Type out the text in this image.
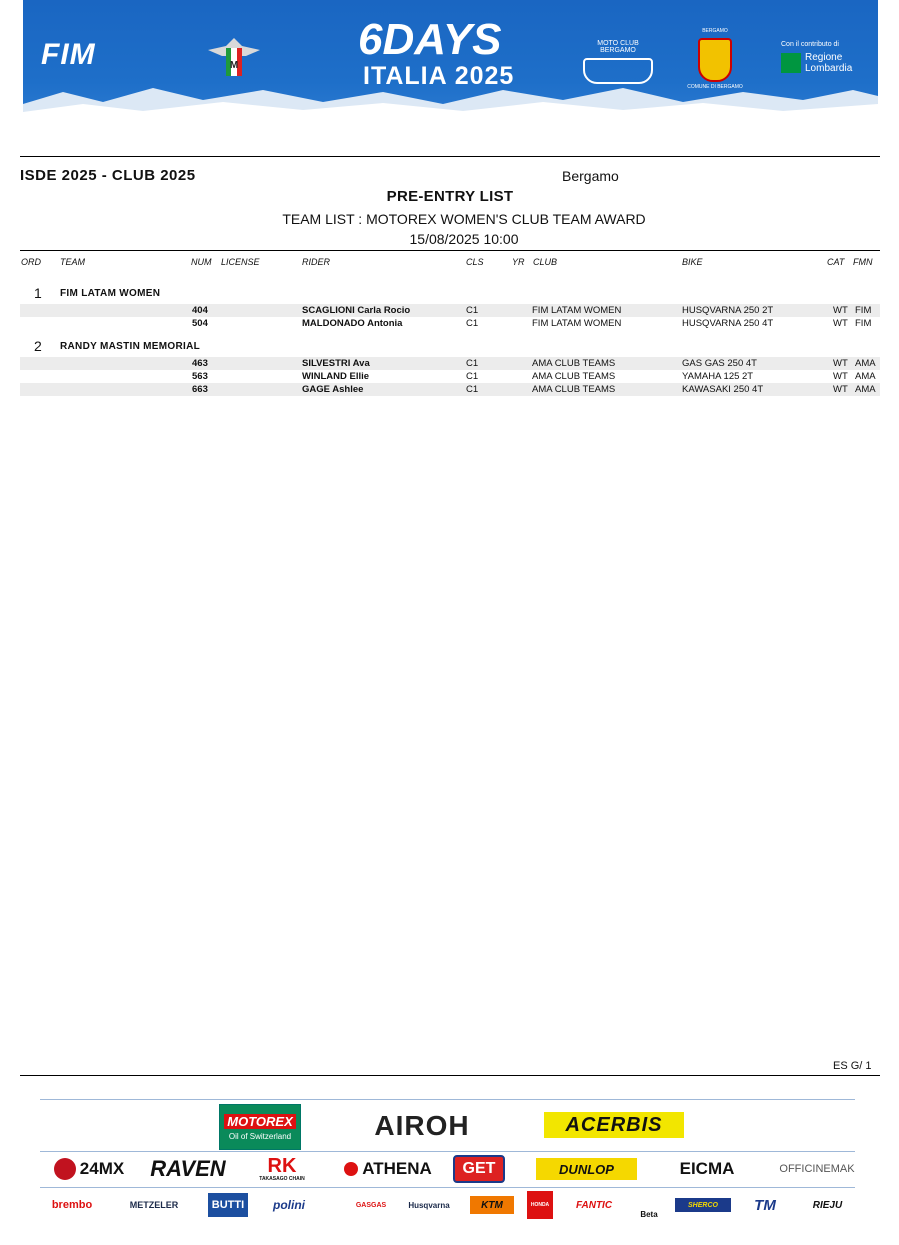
FIM	M
6DAYS
ITALIA 2025
MOTO CLUB BERGAMO
BERGAMO
COMUNE DI BERGAMO
Con il contributo di
Regione
Lombardia
ISDE 2025 - CLUB 2025	Bergamo
PRE-ENTRY LIST
TEAM LIST : MOTOREX WOMEN'S CLUB TEAM AWARD
15/08/2025 10:00
ORD TEAM	NUM LICENSE	RIDER	CLS	YR CLUB	BIKE	CAT FMN
1 FIM LATAM WOMEN
404	SCAGLIONI Carla Rocio	C1	FIM LATAM WOMEN	HUSQVARNA 250 2T	WT FIM
504	MALDONADO Antonia	C1	FIM LATAM WOMEN	HUSQVARNA 250 4T	WT FIM
2 RANDY MASTIN MEMORIAL
463	SILVESTRI Ava	C1	AMA CLUB TEAMS	GAS GAS 250 4T	WT AMA
563	WINLAND Ellie	C1	AMA CLUB TEAMS	YAMAHA 125 2T	WT AMA
663	GAGE Ashlee	C1	AMA CLUB TEAMS	KAWASAKI 250 4T	WT AMA
ES G/ 1
MOTOREX
Oil of Switzerland	AIROH	ACERBIS
24MX RAVEN RK
TAKASAGO CHAIN
ATHENA	GET	DUNLOP	EICMA	OFFICINEMAK
brembo	METZELER	BUTTI	polini	GASGAS	Husqvarna	KTM	HONDA	FANTIC
Beta
SHERCO	TM	RIEJU
